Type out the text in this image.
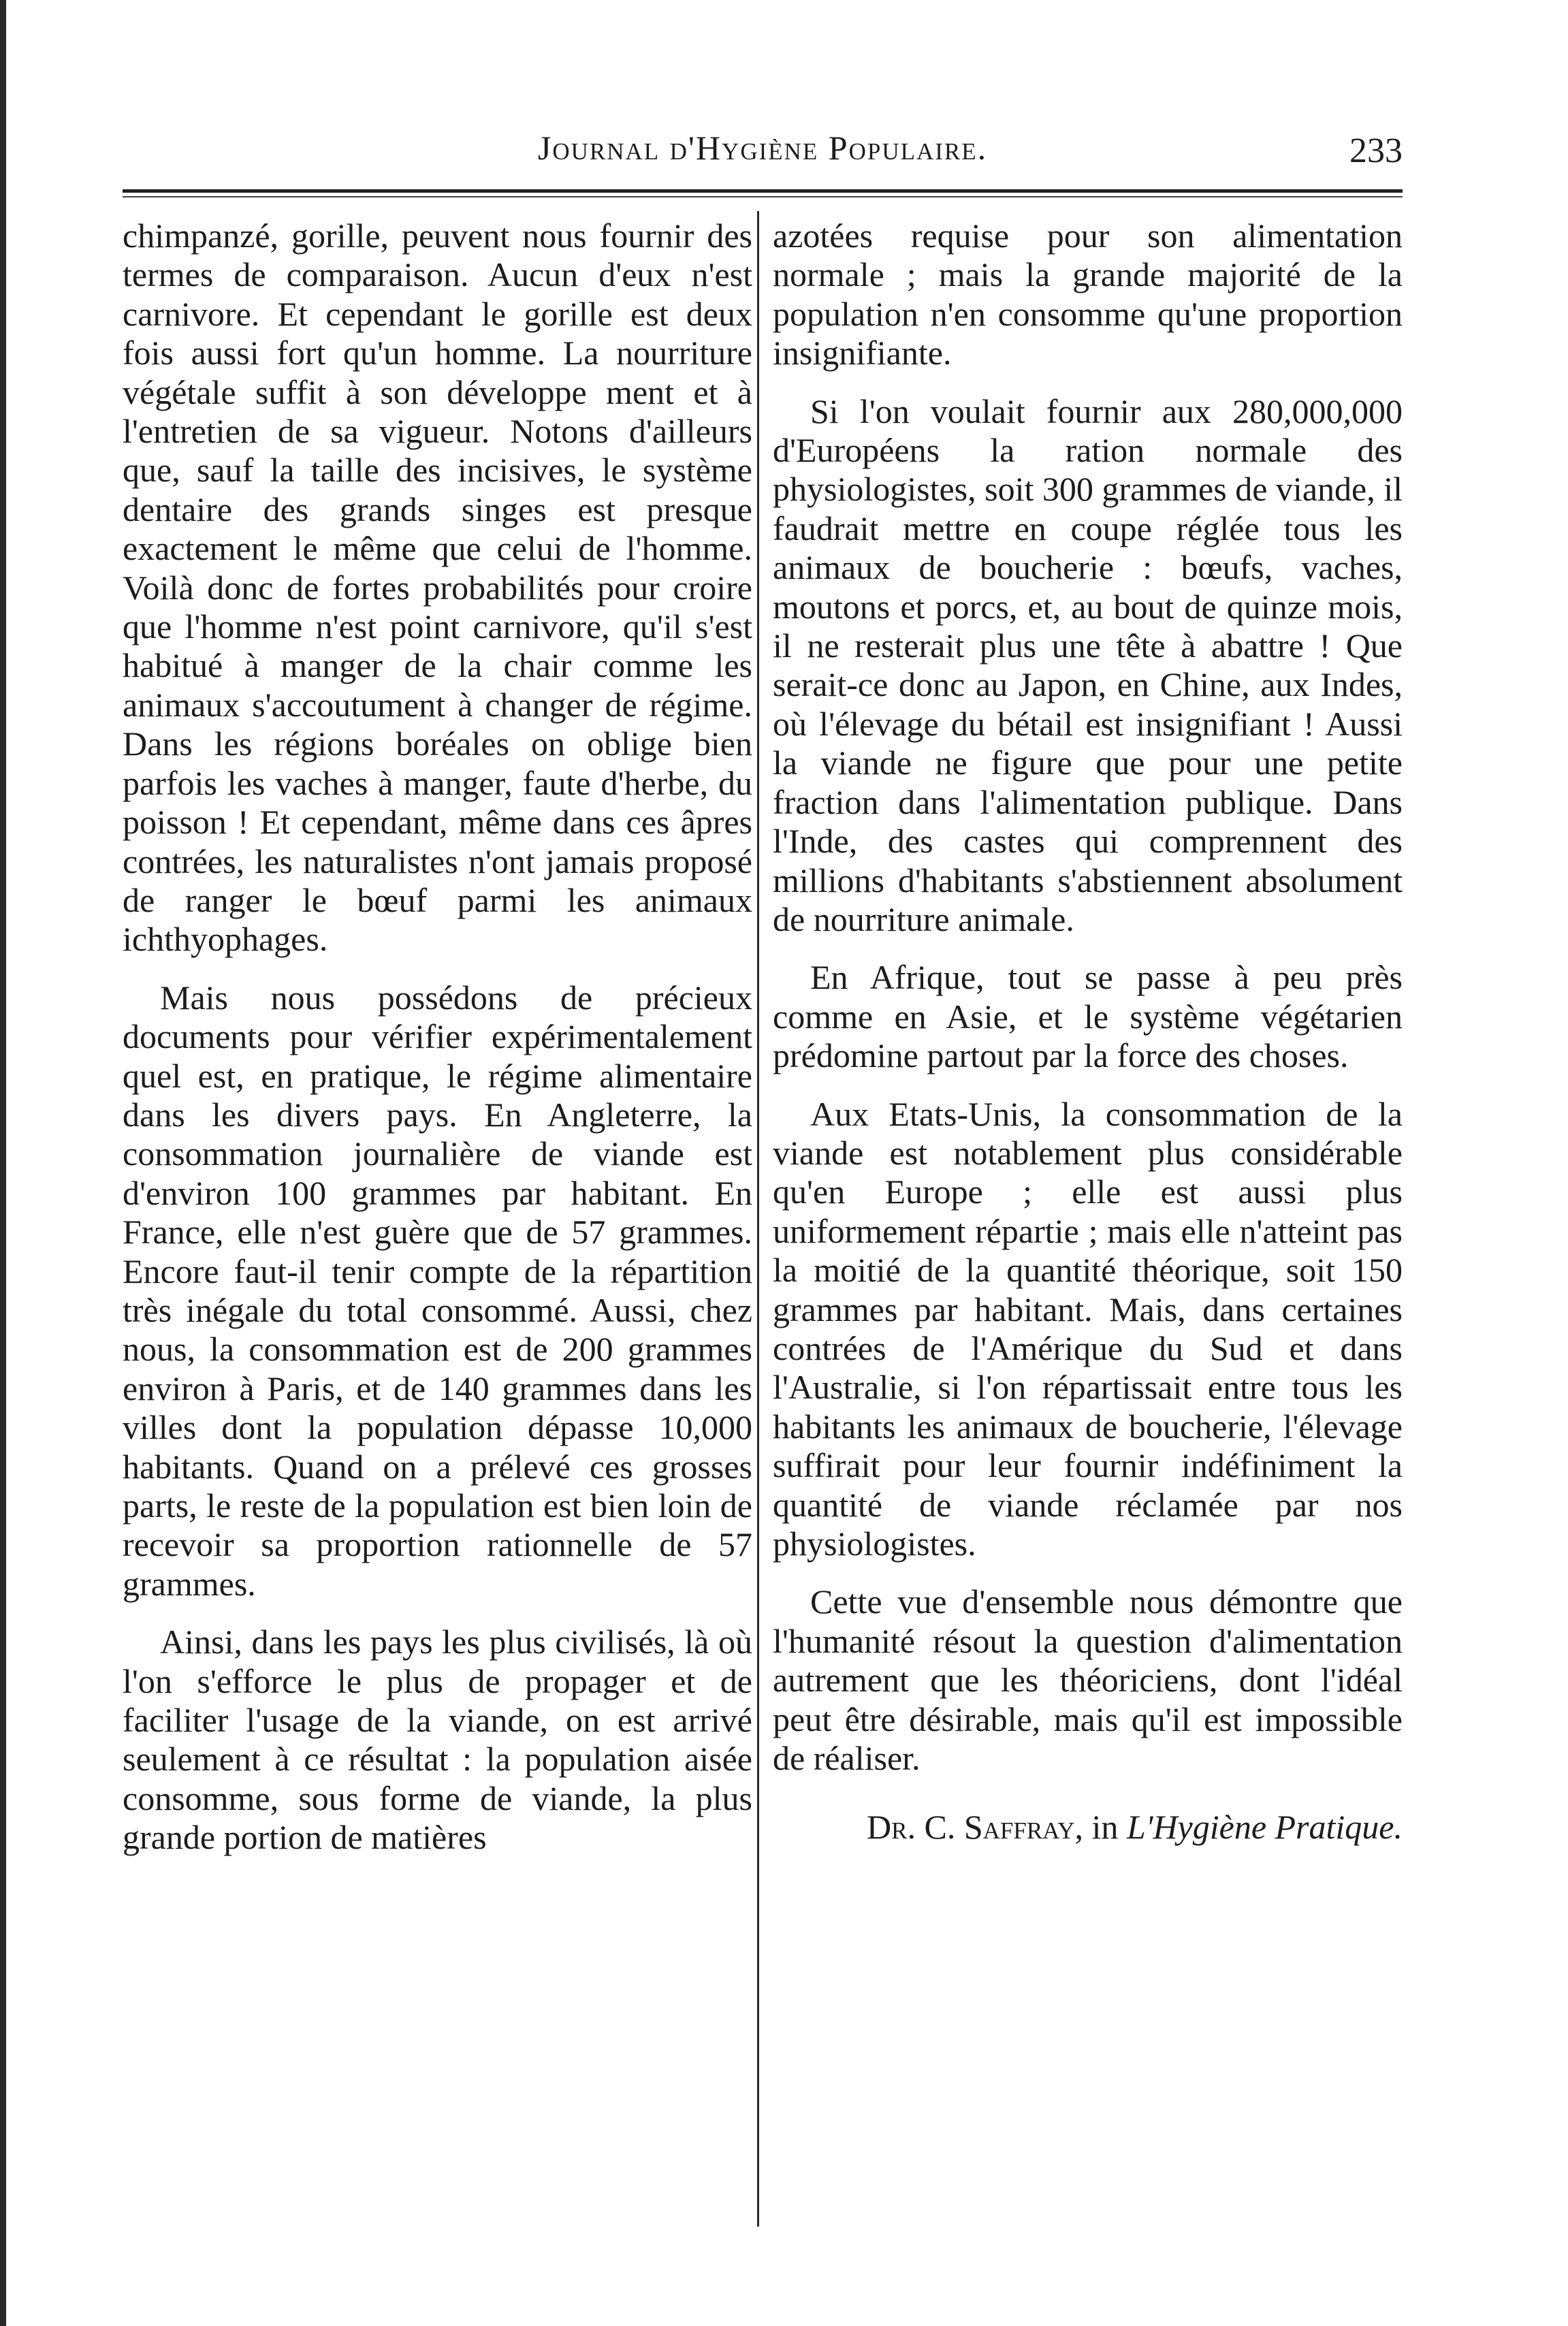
Journal d'Hygiène Populaire.	233

chimpanzé, gorille, peuvent nous fournir des termes de comparaison. Aucun d'eux n'est carnivore. Et cependant le gorille est deux fois aussi fort qu'un homme. La nourriture végétale suffit à son développe ment et à l'entretien de sa vigueur. Notons d'ailleurs que, sauf la taille des incisives, le système dentaire des grands singes est presque exactement le même que celui de l'homme. Voilà donc de fortes probabilités pour croire que l'homme n'est point carnivore, qu'il s'est habitué à manger de la chair comme les animaux s'accoutument à changer de régime. Dans les régions boréales on oblige bien parfois les vaches à manger, faute d'herbe, du poisson ! Et cependant, même dans ces âpres contrées, les naturalistes n'ont jamais proposé de ranger le bœuf parmi les animaux ichthyophages.

Mais nous possédons de précieux documents pour vérifier expérimentalement quel est, en pratique, le régime alimentaire dans les divers pays. En Angleterre, la consommation journalière de viande est d'environ 100 grammes par habitant. En France, elle n'est guère que de 57 grammes. Encore faut-il tenir compte de la répartition très inégale du total consommé. Aussi, chez nous, la consommation est de 200 grammes environ à Paris, et de 140 grammes dans les villes dont la population dépasse 10,000 habitants. Quand on a prélevé ces grosses parts, le reste de la population est bien loin de recevoir sa proportion rationnelle de 57 grammes.

Ainsi, dans les pays les plus civilisés, là où l'on s'efforce le plus de propager et de faciliter l'usage de la viande, on est arrivé seulement à ce résultat : la population aisée consomme, sous forme de viande, la plus grande portion de matières

azotées requise pour son alimentation normale ; mais la grande majorité de la population n'en consomme qu'une proportion insignifiante.

Si l'on voulait fournir aux 280,000,000 d'Européens la ration normale des physiologistes, soit 300 grammes de viande, il faudrait mettre en coupe réglée tous les animaux de boucherie : bœufs, vaches, moutons et porcs, et, au bout de quinze mois, il ne resterait plus une tête à abattre ! Que serait-ce donc au Japon, en Chine, aux Indes, où l'élevage du bétail est insignifiant ! Aussi la viande ne figure que pour une petite fraction dans l'alimentation publique. Dans l'Inde, des castes qui comprennent des millions d'habitants s'abstiennent absolument de nourriture animale.

En Afrique, tout se passe à peu près comme en Asie, et le système végétarien prédomine partout par la force des choses.

Aux Etats-Unis, la consommation de la viande est notablement plus considérable qu'en Europe ; elle est aussi plus uniformement répartie ; mais elle n'atteint pas la moitié de la quantité théorique, soit 150 grammes par habitant. Mais, dans certaines contrées de l'Amérique du Sud et dans l'Australie, si l'on répartissait entre tous les habitants les animaux de boucherie, l'élevage suffirait pour leur fournir indéfiniment la quantité de viande réclamée par nos physiologistes.

Cette vue d'ensemble nous démontre que l'humanité résout la question d'alimentation autrement que les théoriciens, dont l'idéal peut être désirable, mais qu'il est impossible de réaliser.

Dr. C. Saffray, in L'Hygiène Pratique.
